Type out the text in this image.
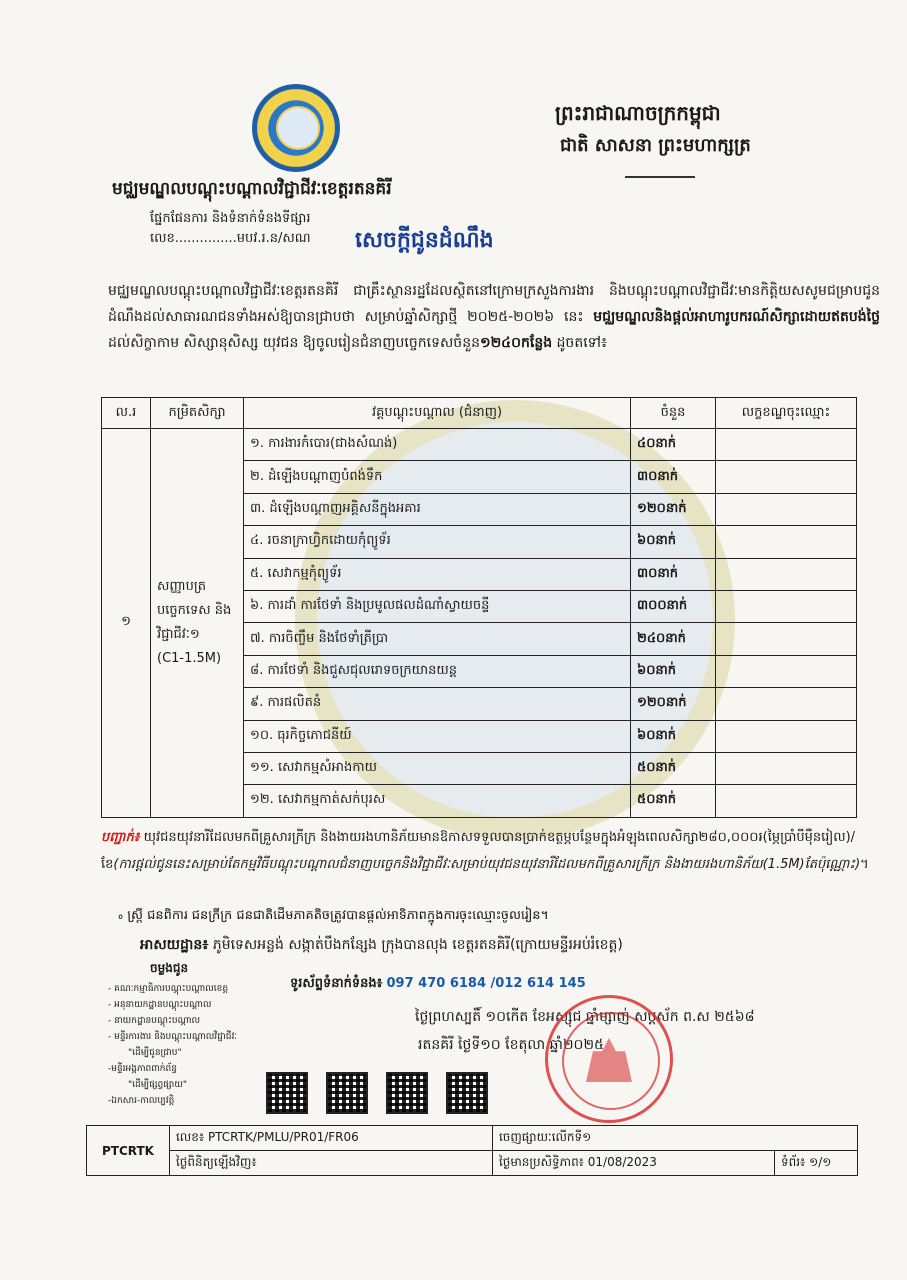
ព្រះរាជាណាចក្រកម្ពុជា
ជាតិ សាសនា ព្រះមហាក្សត្រ
មជ្ឈមណ្ឌលបណ្តុះបណ្តាលវិជ្ជាជីវៈខេត្តរតនគិរី
ផ្នែកផែនការ និងទំនាក់ទំនងទីផ្សារ
លេខ...............មបវ.រ.ន/សណ សេចក្តីជូនដំណឹង
មជ្ឈមណ្ឌលបណ្តុះបណ្តាលវិជ្ជាជីវៈខេត្តរតនគិរី ជាគ្រឹះស្ថានរដ្ឋដែលស្ថិតនៅក្រោមក្រសួងការងារ និងបណ្តុះបណ្តាលវិជ្ជាជីវៈមានកិត្តិយសសូមជម្រាបជូនដំណឹងដល់សាធារណជនទាំងអស់ឱ្យបានជ្រាបថា សម្រាប់ឆ្នាំសិក្សាថ្មី ២០២៥-២០២៦ នេះ មជ្ឈមណ្ឌលនិងផ្តល់អាហារូបករណ៍សិក្សាដោយឥតបង់ថ្លៃ ដល់សិក្ខាកាម សិស្សានុសិស្ស យុវជន ឱ្យចូលរៀនជំនាញបច្ចេកទេសចំនួន១២៤០កន្លែង ដូចតទៅ៖
ល.រ	កម្រិតសិក្សា	វគ្គបណ្តុះបណ្តាល (ជំនាញ)	ចំនួន	លក្ខខណ្ឌចុះឈ្មោះ
១	សញ្ញាបត្របច្ចេកទេស និងវិជ្ជាជីវៈ១
(C1-1.5M)	១. ការងារកំបោរ(ជាងសំណង់)	៤០នាក់	
		២. ដំឡើងបណ្តាញបំពង់ទឹក	៣០នាក់	
		៣. ដំឡើងបណ្តាញអគ្គិសនីក្នុងអគារ	១២០នាក់	
		៤. រចនាក្រាហ្វិកដោយកុំព្យូទ័រ	៦០នាក់	
		៥. សេវាកម្មកុំព្យូទ័រ	៣០នាក់	
		៦. ការដាំ ការថែទាំ និងប្រមូលផលដំណាំស្វាយចន្ទី	៣០០នាក់	
		៧. ការចិញ្ចឹម និងថែទាំត្រីប្រា	២៤០នាក់	
		៨. ការថែទាំ និងជួសជុលរោទចក្រយានយន្ត	៦០នាក់	
		៩. ការផលិតនំ	១២០នាក់	
		១០. ធុរកិច្ចភោជនីយ៍	៦០នាក់	
		១១. សេវាកម្មសំអាងកាយ	៥០នាក់	
		១២. សេវាកម្មកាត់សក់បុរស	៥០នាក់	
បញ្ជាក់៖ យុវជនយុវនារីដែលមកពីគ្រួសារក្រីក្រ និងងាយរងហានិភ័យមានឱកាសទទួលបានប្រាក់ឧត្ថម្ភបន្ថែមក្នុងអំឡុងពេលសិក្សា២៨០,០០០៛(ម្ភៃប្រាំបីម៉ឺនរៀល)/ខែ(ការផ្តល់ជូននេះសម្រាប់តែកម្មវិធីបណ្តុះបណ្តាលជំនាញបច្ចេកនិងវិជ្ជាជីវៈសម្រាប់យុវជនយុវនារីដែលមកពីគ្រួសារក្រីក្រ និងងាយរងហានិភ័យ(1.5M)តែប៉ុណ្ណោះ)។
៰ ស្ត្រី ជនពិការ ជនក្រីក្រ ជនជាតិដើមភាគតិចត្រូវបានផ្តល់អាទិភាពក្នុងការចុះឈ្មោះចូលរៀន។
អាសយដ្ឋាន៖ ភូមិទេសអន្លង់ សង្កាត់បឹងកន្សែង ក្រុងបានលុង ខេត្តរតនគិរី(ក្រោយមន្ទីរអប់រំខេត្ត)
ចម្លងជូន
ទូរស័ព្ទទំនាក់ទំនង៖ 097 470 6184 /012 614 145
- គណៈកម្មាធិការបណ្តុះបណ្តាលខេត្ត
- អនុនាយកដ្ឋានបណ្តុះបណ្តាល
- នាយកដ្ឋានបណ្តុះបណ្តាល
- មន្ទីរការងារ និងបណ្តុះបណ្តាលវិជ្ជាជីវៈ
"ដើម្បីជូនជ្រាប"
-មន្ទីរអង្គភាពពាក់ព័ន្ធ
"ដើម្បីផ្សព្វផ្សាយ"
-ឯកសារ-កាលប្បវត្តិ
ថ្ងៃព្រហស្បតិ៍ ១០កើត ខែអស្សុជ ឆ្នាំម្សាញ់ សប្តស័ក ព.ស ២៥៦៨
រតនគិរី ថ្ងៃទី១០ ខែតុលា ឆ្នាំ២០២៥
PTCRTK	លេខ៖ PTCRTK/PMLU/PR01/FR06	ចេញផ្សាយៈលើកទី១	
	ថ្ងៃពិនិត្យឡើងវិញ៖	ថ្ងៃមានប្រសិទ្ធិភាព៖ 01/08/2023	ទំព័រ៖ ១/១
